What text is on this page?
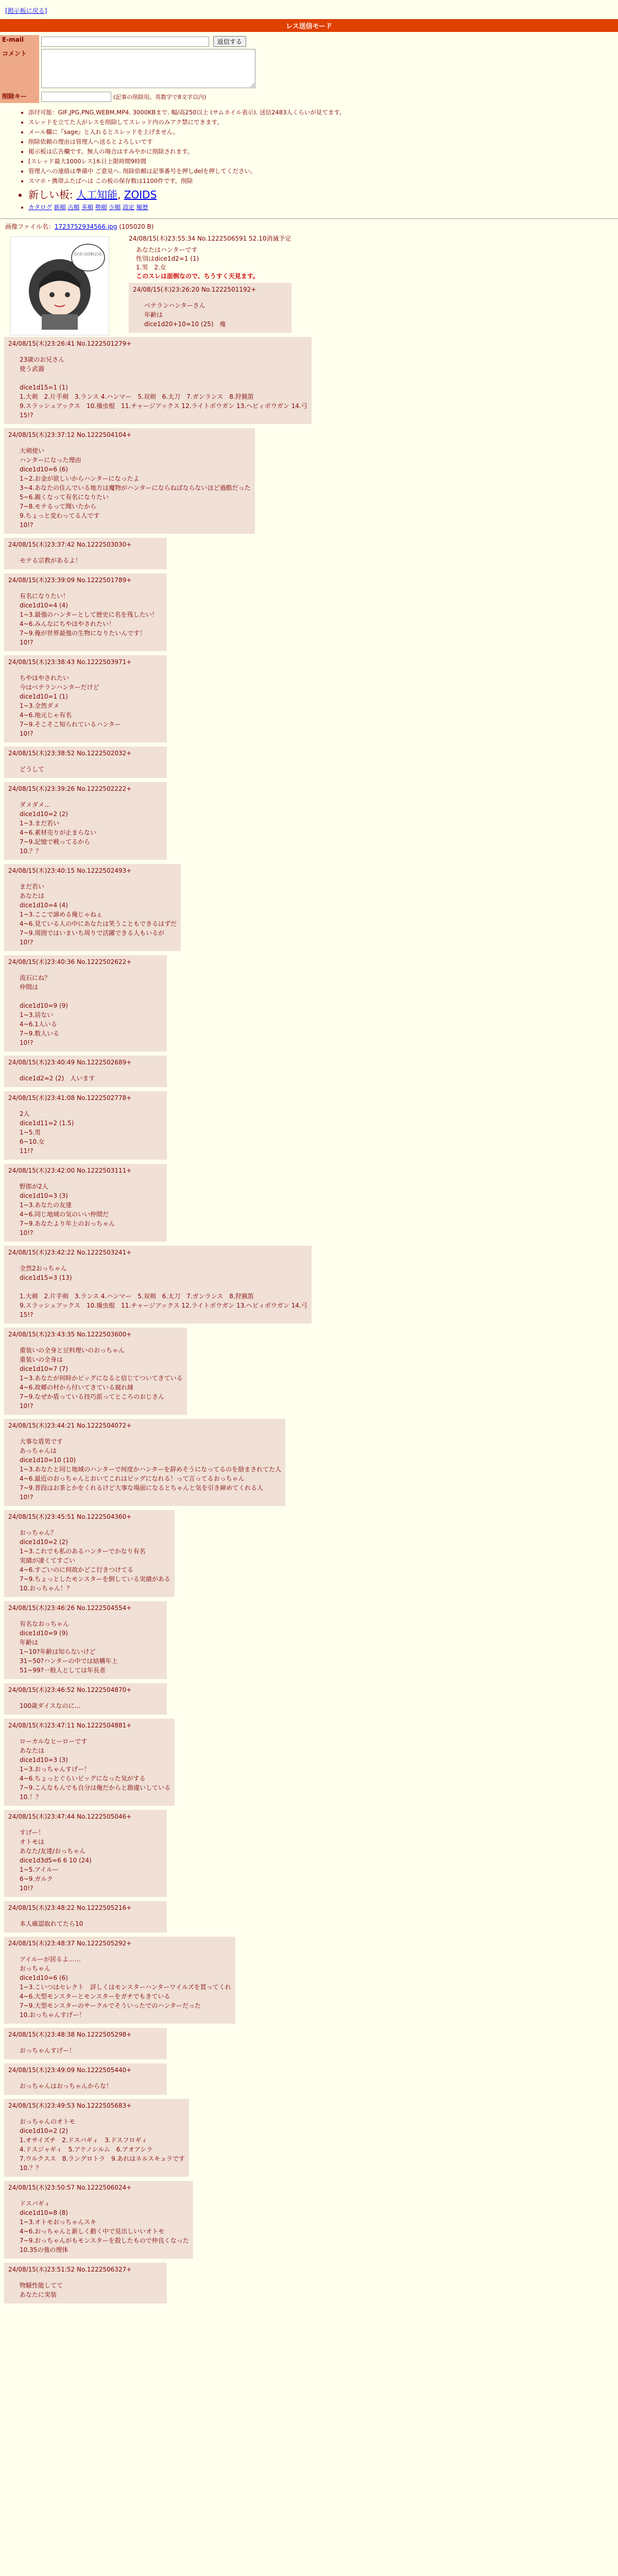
[掲示板に戻る]
レス送信モード
E-mail	返信する
コメント	
削除キー	(記事の削除用。英数字で8文字以内)
• 添付可能：GIF,JPG,PNG,WEBM,MP4. 3000KBまで. 幅/高250以上 (サムネイル表示). 送信2483人くらいが見てます。
• スレッドを立てた人がレスを削除してスレッド内のみアク禁にできます。
• メール欄に『sage』と入れるとスレッドを上げません。
• 削除依頼の理由は管理人へ送るとよろしいです
• 掲示板は広告欄です。無人の場合はすみやかに削除されます。
• [スレッド最大1000レス]本日上限時間9時間
• 管理人への連絡は準備中 ご意見へ. 削除依頼は記事番号を押しdelを押してください。
• スマホ・携帯ふたばへは この板の保存数は1100件です。削除
• 新しい板: 人工知能, ZOIDS
• カタログ 新順 古順 多順 勢順 少順 設定 履歴
画像ファイル名：1723752934566.jpg (105020 B)
自分のぜっちめを乗せるために
24/08/15(木)23:55:34 No.1222506591 52.10消滅予定
あなたはハンターです
性別はdice1d2=1 (1)
1.男　2.女
このスレは面倒なので、ちうすく天見ます。
24/08/15(木)23:26:20 No.1222501192+
ベテランハンターさん
年齢は
dice1d20+10=10 (25)　痩
24/08/15(木)23:26:41 No.1222501279+
23歳のお兄さん
使う武器

dice1d15=1 (1)
1.大剣　2.片手剣　3.ランス 4.ハンマー　5.双剣　6.太刀　7.ガンランス　8.狩猟笛
9.スラッシュアックス　10.操虫棍　11.チャージアックス 12.ライトボウガン 13.ヘビィボウガン 14.弓
15!?
24/08/15(木)23:37:12 No.1222504104+
大剣使い
ハンターになった理由
dice1d10=6 (6)
1~2.お金が欲しいからハンターになったよ
3~4.あなたの住んでいる地方は魔物がハンターにならねばならないほど過酷だった
5~6.親くなって有名になりたい
7~8.モテるって聞いたから
9.ちょっと変わってる人です
10!?
24/08/15(木)23:37:42 No.1222503030+
モテる宗教があるよ！
24/08/15(木)23:39:09 No.1222501789+
有名になりたい！
dice1d10=4 (4)
1~3.最強のハンターとして歴史に名を残したい！
4~6.みんなにちやほやされたい！
7~9.俺が世界最強の生物になりたいんです！
10!?
24/08/15(木)23:38:43 No.1222503971+
ちやほやされたい
今はベテランハンターだけど
dice1d10=1 (1)
1~3.全然ダメ
4~6.地元じゃ有名
7~9.そこそこ知られているハンター
10!?
24/08/15(木)23:38:52 No.1222502032+
どうして
24/08/15(木)23:39:26 No.1222502222+
ダメダメ…
dice1d10=2 (2)
1~3.まだ若い
4~6.素材売りが止まらない
7~9.記憶で戦ってるから
10.？？
24/08/15(木)23:40:15 No.1222502493+
まだ若い
あなたは
dice1d10=4 (4)
1~3.ここで諦める俺じゃねぇ
4~6.見ている人の中にあなたは笑うこともできるはずだ
7~9.周囲ではいまいち周りで活躍できる人もいるが
10!?
24/08/15(木)23:40:36 No.1222502622+
流石にね？
仲間は

dice1d10=9 (9)
1~3.居ない
4~6.1人いる
7~9.数人いる
10!?
24/08/15(木)23:40:49 No.1222502689+
dice1d2=2 (2)　人います
24/08/15(木)23:41:08 No.1222502778+
2人
dice1d11=2 (1.5)
1~5.男
6~10.女
11!?
24/08/15(木)23:42:00 No.1222503111+
野郎が2人
dice1d10=3 (3)
1~3.あなたの友達
4~6.同じ地域の気のいい仲間だ
7~9.あなたより年上のおっちゃん
10!?
24/08/15(木)23:42:22 No.1222503241+
全然2おっちゃん
dice1d15=3 (13)

1.大剣　2.片手剣　3.ランス 4.ハンマー　5.双剣　6.太刀　7.ガンランス　8.狩猟笛
9.スラッシュアックス　10.操虫棍　11.チャージアックス 12.ライトボウガン 13.ヘビィボウガン 14.弓
15!?
24/08/15(木)23:43:35 No.1222503600+
重装いの全身と豆料理いのおっちゃん
重装いの全身は
dice1d10=7 (7)
1~3.あなたが何時かピッグになると信じてついてきている
4~6.故郷の村から付いてきている腐れ縁
7~9.なぜか盾っている技巧派ってところのおじさん
10!?
24/08/15(木)23:44:21 No.1222504072+
大事な盾男です
あっちゃんは
dice1d10=10 (10)
1~3.あなたと同じ地域のハンターで何度かハンターを辞めそうになってるのを励まされてた人
4~6.最近のおっちゃんとおいてこれはピッグになれる！って言ってるおっちゃん
7~9.普段はお茶とかをくれるけど大事な場面になるとちゃんと気を引き締めてくれる人
10!?
24/08/15(木)23:45:51 No.1222504360+
おっちゃん？
dice1d10=2 (2)
1~3.これでも私のあるハンターでかなり有名
実績が凄くてすごい
4~6.すごいのに何故かどこ行きつけてる
7~9.ちょっとしたモンスターを倒している実績がある
10.おっちゃん！？
24/08/15(木)23:46:26 No.1222504554+
有名なおっちゃん
dice1d10=9 (9)
年齢は
1~10?年齢は知らないけど
31~50?ハンターの中では結構年上
51~99?一般人としては年長者
24/08/15(木)23:46:52 No.1222504870+
100歳ダイスなのに…
24/08/15(木)23:47:11 No.1222504881+
ローカルなヒーローです
あなたは
dice1d10=3 (3)
1~3.おっちゃんすげー！
4~6.ちょっとぐらいピッグになった気がする
7~9.こんなもんでも自分は俺だからと勘違いしている
10.！？
24/08/15(木)23:47:44 No.1222505046+
すげー！
オトモは
あなた/友達/おっちゃん
dice1d3d5=6 6 10 (24)
1~5.アイルー
6~9.ガルク
10!?
24/08/15(木)23:48:22 No.1222505216+
本人確認取れてたら10
24/08/15(木)23:48:37 No.1222505292+
アイルーが居るよ……
おっちゃん
dice1d10=6 (6)
1~3.こいつはセレクト　詳しくはモンスターハンターワイルズを買ってくれ
4~6.大型モンスターとモンスターをガチでもきている
7~9.大型モンスターのサークルでそういったでのハンターだった
10.おっちゃんすげー！
24/08/15(木)23:48:38 No.1222505298+
おっちゃんすげー！
24/08/15(木)23:49:09 No.1222505440+
おっちゃんはおっちゃんからな！
24/08/15(木)23:49:53 No.1222505683+
おっちゃんのオトモ
dice1d10=2 (2)
1.オサイズチ　2.ドスバギィ　3.ドスフロギィ
4.ドスジャギィ　5.アケノシルム　6.アオアシラ
7.ウルクスス　8.ラングロトラ　9.あれはネルスキュラです
10.？？
24/08/15(木)23:50:57 No.1222506024+
ドスバギィ
dice1d10=8 (8)
1~3.オトモおっちゃんスキ
4~6.おっちゃんと新しく動く中で見出しいいオトモ
7~9.おっちゃんがもモンスターを殺したもので仲良くなった
10.35の強の理体
24/08/15(木)23:51:52 No.1222506327+
物騒性能してて
あなたに実装
